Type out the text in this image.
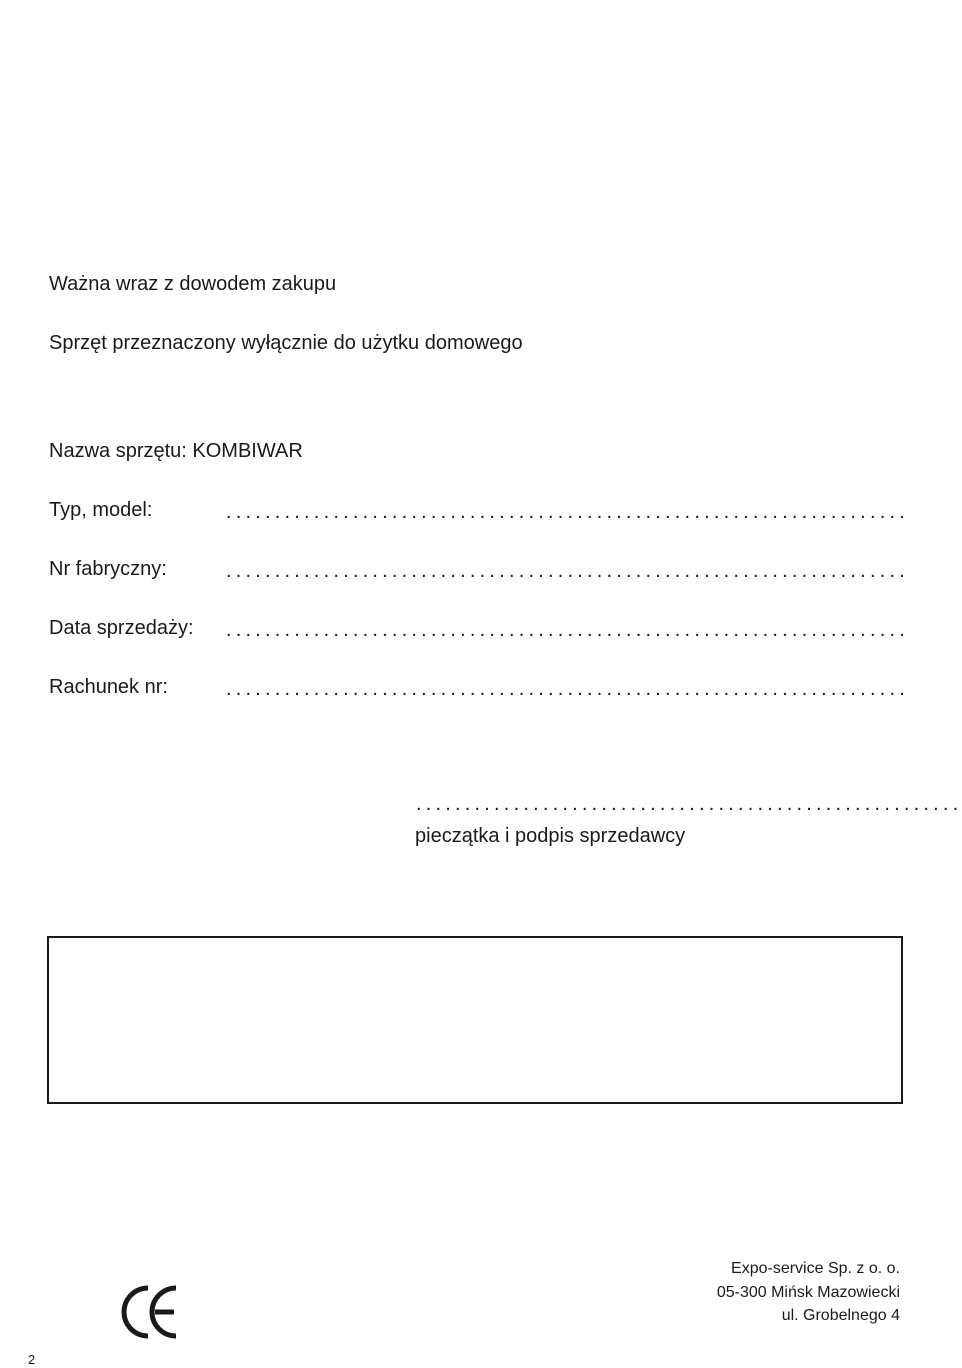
Ważna wraz z dowodem zakupu
Sprzęt przeznaczony wyłącznie do użytku domowego
Nazwa sprzętu: KOMBIWAR
Typ, model:	......................................................................
Nr fabryczny:	......................................................................
Data sprzedaży: ......................................................................
Rachunek nr:	......................................................................
........................................................
pieczątka i podpis sprzedawcy
Expo-service Sp. z o. o.
05-300 Mińsk Mazowiecki
ul. Grobelnego 4
2
